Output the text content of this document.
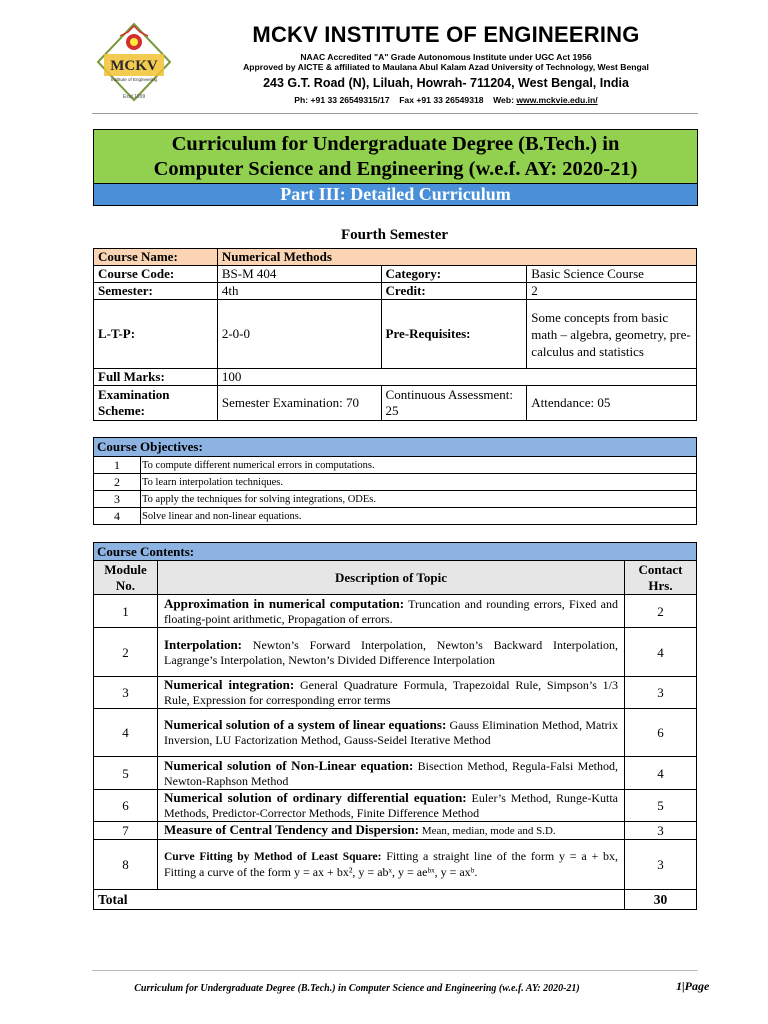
MCKV
Institute of Engineering
Estd.1999
MCKV INSTITUTE OF ENGINEERING
NAAC Accredited "A" Grade Autonomous Institute under UGC Act 1956
Approved by AICTE & affiliated to Maulana Abul Kalam Azad University of Technology, West Bengal
243 G.T. Road (N), Liluah, Howrah- 711204, West Bengal, India
Ph: +91 33 26549315/17 Fax +91 33 26549318 Web: www.mckvie.edu.in/
Curriculum for Undergraduate Degree (B.Tech.) in
Computer Science and Engineering (w.e.f. AY: 2020-21)
Part III: Detailed Curriculum
Fourth Semester
Course Name:	Numerical Methods		
Course Code:	BS-M 404	Category:	Basic Science Course
Semester:	4th	Credit:	2
L-T-P:	2-0-0	Pre-Requisites:	Some concepts from basic math – algebra, geometry, pre-calculus and statistics
Full Marks:	100		
Examination Scheme:	Semester Examination: 70	Continuous Assessment: 25	Attendance: 05
Course Objectives:	
1	To compute different numerical errors in computations.
2	To learn interpolation techniques.
3	To apply the techniques for solving integrations, ODEs.
4	Solve linear and non-linear equations.
Course Contents:		
Module No.	Description of Topic	Contact Hrs.
1	Approximation in numerical computation: Truncation and rounding errors, Fixed and floating-point arithmetic, Propagation of errors.	2
2	Interpolation: Newton’s Forward Interpolation, Newton’s Backward Interpolation, Lagrange’s Interpolation, Newton’s Divided Difference Interpolation	4
3	Numerical integration: General Quadrature Formula, Trapezoidal Rule, Simpson’s 1/3 Rule, Expression for corresponding error terms	3
4	Numerical solution of a system of linear equations: Gauss Elimination Method, Matrix Inversion, LU Factorization Method, Gauss-Seidel Iterative Method	6
5	Numerical solution of Non-Linear equation: Bisection Method, Regula-Falsi Method, Newton-Raphson Method	4
6	Numerical solution of ordinary differential equation: Euler’s Method, Runge-Kutta Methods, Predictor-Corrector Methods, Finite Difference Method	5
7	Measure of Central Tendency and Dispersion: Mean, median, mode and S.D.	3
8	Curve Fitting by Method of Least Square: Fitting a straight line of the form y = a + bx, Fitting a curve of the form y = ax + bx², y = abˣ, y = aeᵇˣ, y = axᵇ.	3
Total		30
Curriculum for Undergraduate Degree (B.Tech.) in Computer Science and Engineering (w.e.f. AY: 2020-21)	1|Page
